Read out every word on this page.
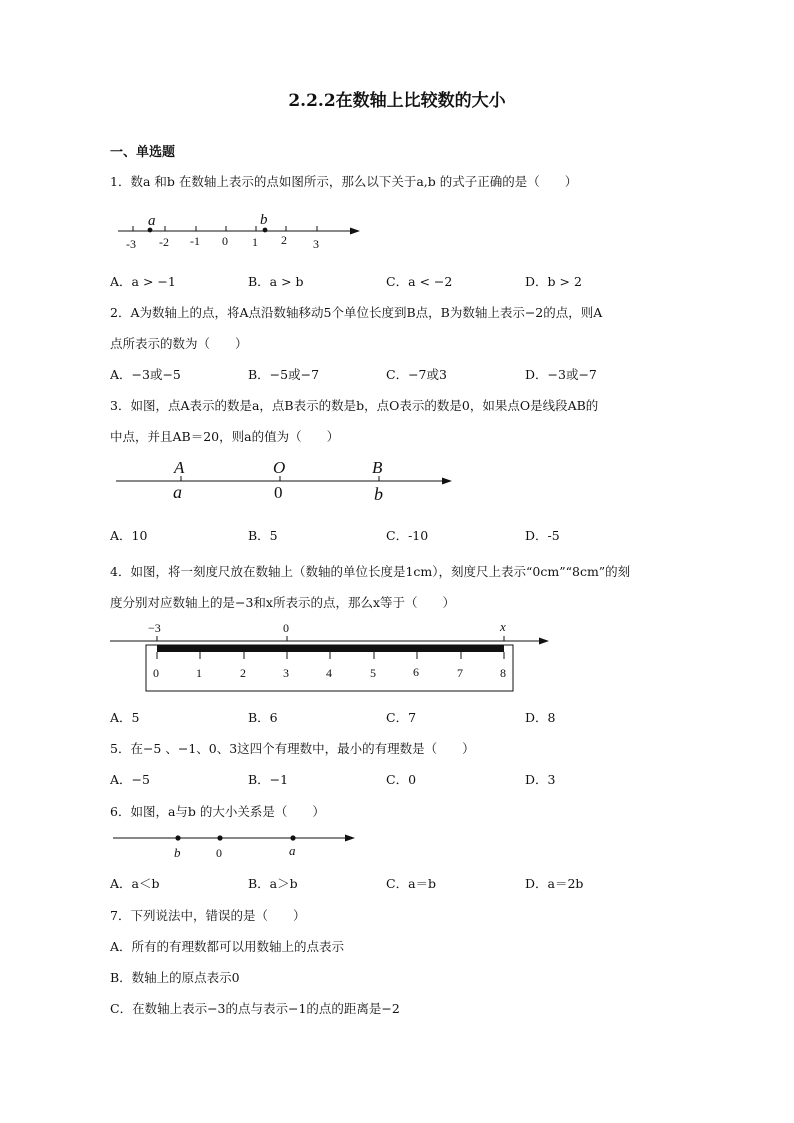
2.2.2在数轴上比较数的大小
一、单选题
1．数a 和b 在数轴上表示的点如图所示，那么以下关于a,b 的式子正确的是（　　）
a	b
-3 -2 -1 0 1 2 3
A	O	B
a	0	b
−3	0	x
0	1	2	3	4	5	6	7	8
b	0	a
A．a > −1	B．a > b	C．a < −2	D．b > 2
2．A为数轴上的点，将A点沿数轴移动5个单位长度到B点，B为数轴上表示−2的点，则A
点所表示的数为（　　）
A．−3或−5	B．−5或−7	C．−7或3	D．−3或−7
3．如图，点A表示的数是a，点B表示的数是b，点O表示的数是0，如果点O是线段AB的
中点，并且AB＝20，则a的值为（　　）
A．10	B．5	C．-10	D．-5
4．如图，将一刻度尺放在数轴上（数轴的单位长度是1cm），刻度尺上表示“0cm”“8cm”的刻
度分别对应数轴上的是−3和x所表示的点，那么x等于（　　）
A．5	B．6	C．7	D．8
5．在−5 、−1、0、3这四个有理数中，最小的有理数是（　　）
A．−5	B．−1	C．0	D．3
6．如图，a与b 的大小关系是（　　）
A．a＜b	B．a＞b	C．a＝b	D．a＝2b
7．下列说法中，错误的是（　　）
A．所有的有理数都可以用数轴上的点表示
B．数轴上的原点表示0
C．在数轴上表示−3的点与表示−1的点的距离是−2
